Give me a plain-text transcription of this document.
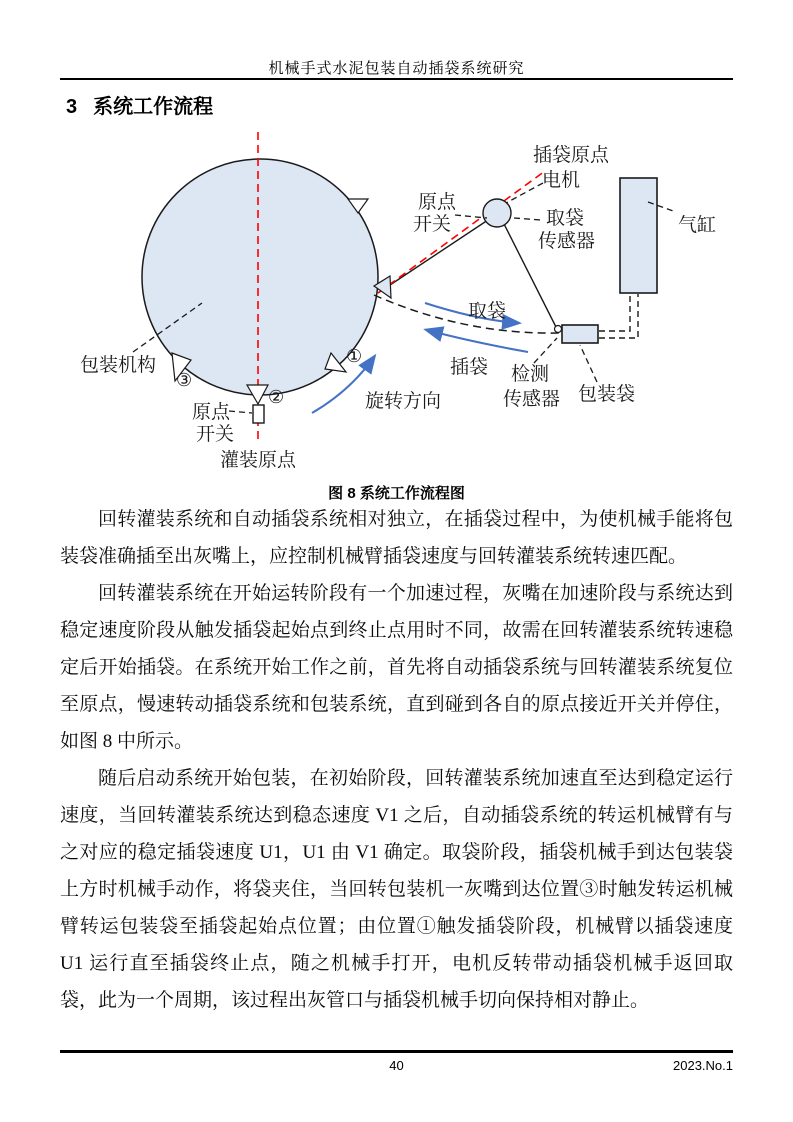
机械手式水泥包装自动插袋系统研究
3 系统工作流程
插袋原点
电机
原点
开关	取袋
传感器
气缸
取袋
插袋
旋转方向
检测
传感器 包装袋
包装机构
原点
开关
灌装原点
①
②
③
图 8 系统工作流程图

回转灌装系统和自动插袋系统相对独立，在插袋过程中，为使机械手能将包装袋准确插至出灰嘴上，应控制机械臂插袋速度与回转灌装系统转速匹配。

回转灌装系统在开始运转阶段有一个加速过程，灰嘴在加速阶段与系统达到稳定速度阶段从触发插袋起始点到终止点用时不同，故需在回转灌装系统转速稳定后开始插袋。在系统开始工作之前，首先将自动插袋系统与回转灌装系统复位至原点，慢速转动插袋系统和包装系统，直到碰到各自的原点接近开关并停住，如图 8 中所示。

随后启动系统开始包装，在初始阶段，回转灌装系统加速直至达到稳定运行速度，当回转灌装系统达到稳态速度 V1 之后，自动插袋系统的转运机械臂有与之对应的稳定插袋速度 U1，U1 由 V1 确定。取袋阶段，插袋机械手到达包装袋上方时机械手动作，将袋夹住，当回转包装机一灰嘴到达位置③时触发转运机械臂转运包装袋至插袋起始点位置；由位置①触发插袋阶段，机械臂以插袋速度 U1 运行直至插袋终止点，随之机械手打开，电机反转带动插袋机械手返回取袋，此为一个周期，该过程出灰管口与插袋机械手切向保持相对静止。

40	2023.No.1
